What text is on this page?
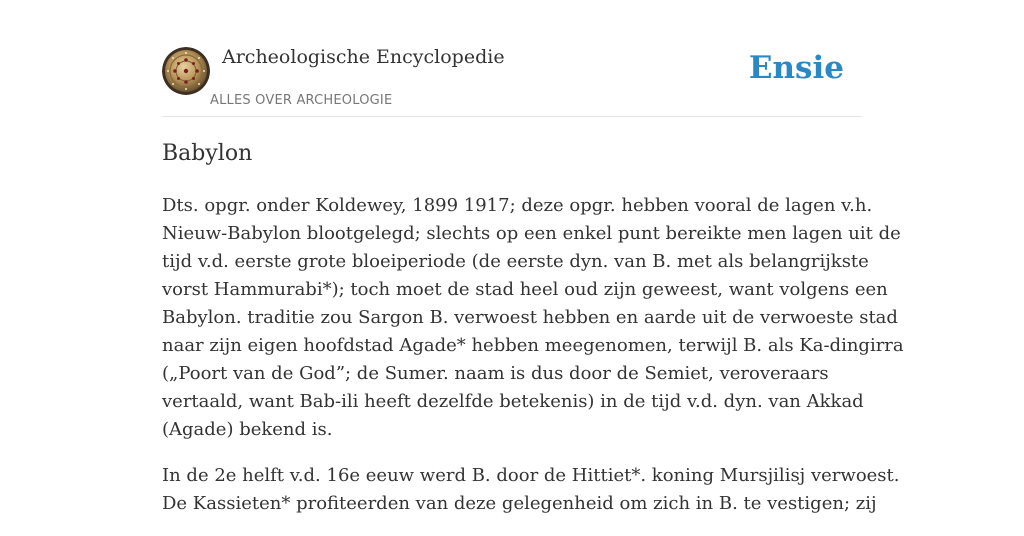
Archeologische Encyclopedie
ALLES OVER ARCHEOLOGIE
Ensie
Babylon

Dts. opgr. onder Koldewey, 1899 1917; deze opgr. hebben vooral de lagen v.h.
Nieuw-Babylon blootgelegd; slechts op een enkel punt bereikte men lagen uit de
tijd v.d. eerste grote bloeiperiode (de eerste dyn. van B. met als belangrijkste
vorst Hammurabi*); toch moet de stad heel oud zijn geweest, want volgens een
Babylon. traditie zou Sargon B. verwoest hebben en aarde uit de verwoeste stad
naar zijn eigen hoofdstad Agade* hebben meegenomen, terwijl B. als Ka-dingirra
(„Poort van de God”; de Sumer. naam is dus door de Semiet, veroveraars
vertaald, want Bab-ili heeft dezelfde betekenis) in de tijd v.d. dyn. van Akkad
(Agade) bekend is.

In de 2e helft v.d. 16e eeuw werd B. door de Hittiet*. koning Mursjilisj verwoest.
De Kassieten* profiteerden van deze gelegenheid om zich in B. te vestigen; zij
